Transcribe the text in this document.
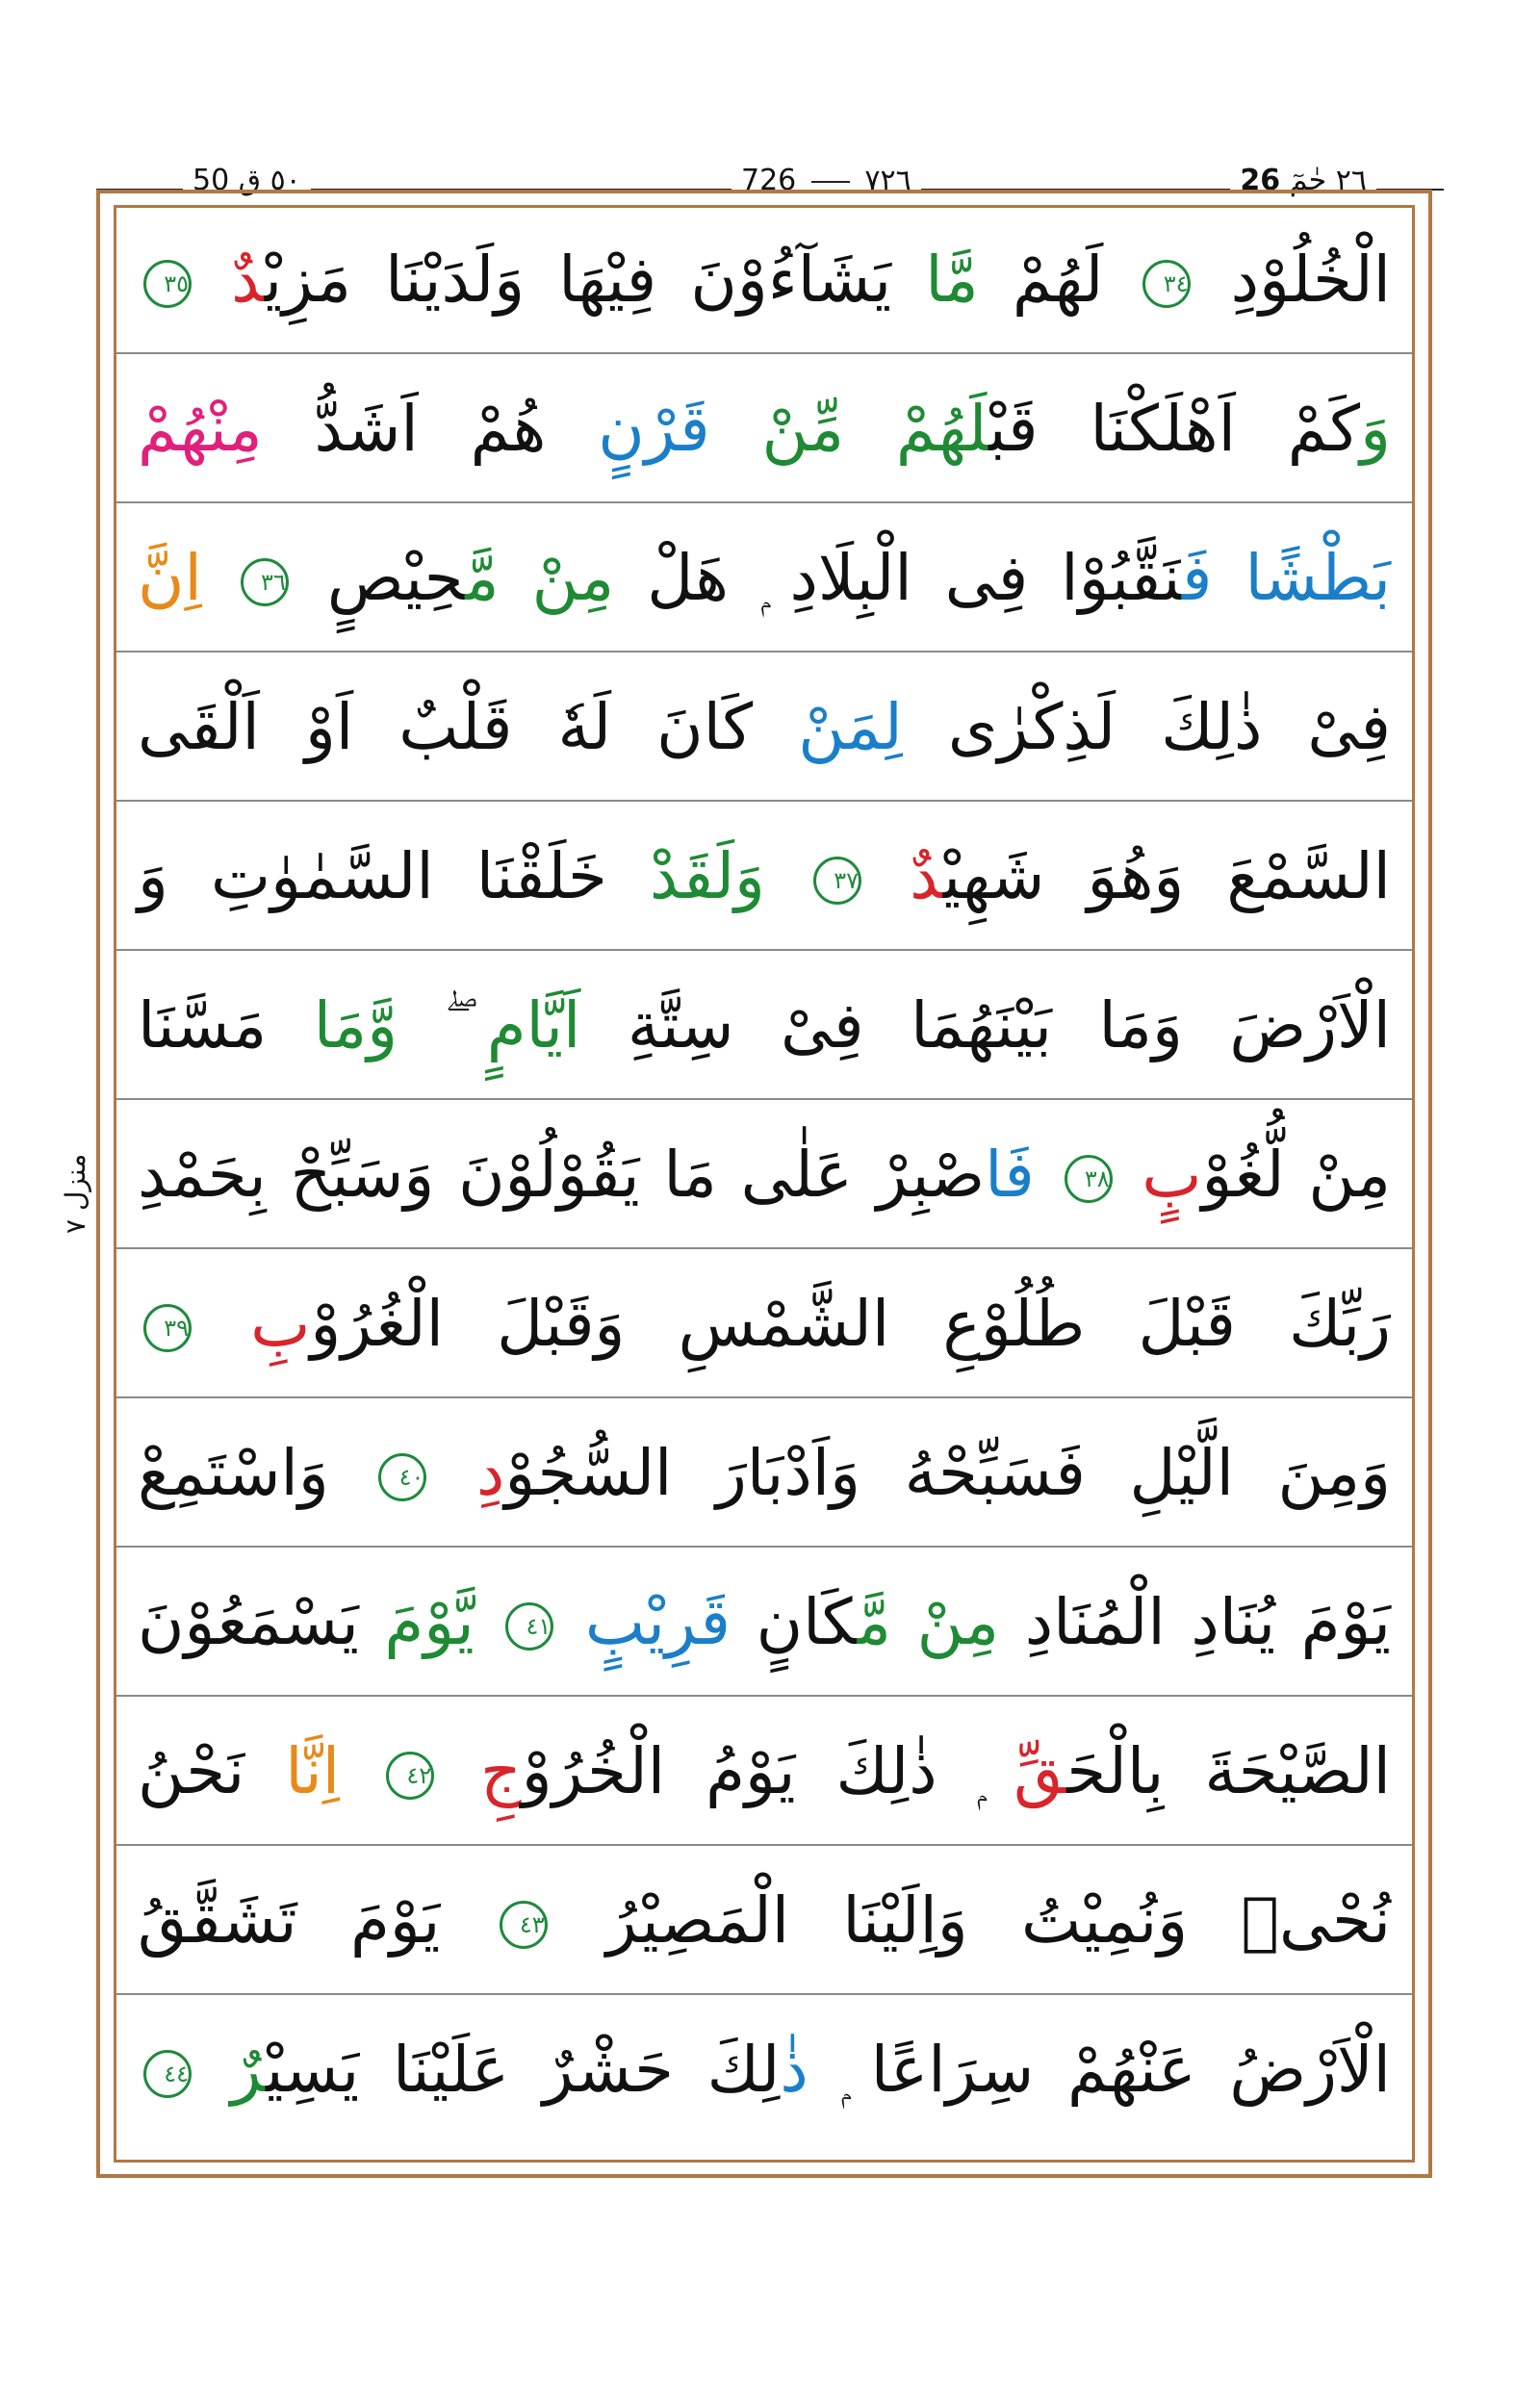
٢٦ حٰمٓ 26
٧٢٦  726
٥٠ ق 50
منزل ٧
الْخُلُوْدِ ٣٤ لَهُمْ مَّا يَشَآءُوْنَ فِيْهَا وَلَدَيْنَا مَزِيْدٌ ٣٥
وَكَمْ اَهْلَكْنَا قَبْلَهُمْ مِّنْ قَرْنٍ هُمْ اَشَدُّ مِنْهُمْ
بَطْشًا فَنَقَّبُوْا فِى الْبِلَادِ ۭ هَلْ مِنْ مَّحِيْصٍ ٣٦ اِنَّ
فِىْ ذٰلِكَ لَذِكْرٰى لِمَنْ كَانَ لَهٗ قَلْبٌ اَوْ اَلْقَى
السَّمْعَ وَهُوَ شَهِيْدٌ ٣٧ وَلَقَدْ خَلَقْنَا السَّمٰوٰتِ وَ
الْاَرْضَ وَمَا بَيْنَهُمَا فِىْ سِتَّةِ اَيَّامٍ ۖ وَّمَا مَسَّنَا
مِنْ لُّغُوْبٍ ٣٨ فَاصْبِرْ عَلٰى مَا يَقُوْلُوْنَ وَسَبِّحْ بِحَمْدِ
رَبِّكَ قَبْلَ طُلُوْعِ الشَّمْسِ وَقَبْلَ الْغُرُوْبِ ٣٩
وَمِنَ الَّيْلِ فَسَبِّحْهُ وَاَدْبَارَ السُّجُوْدِ ٤٠ وَاسْتَمِعْ
يَوْمَ يُنَادِ الْمُنَادِ مِنْ مَّكَانٍ قَرِيْبٍ ٤١ يَّوْمَ يَسْمَعُوْنَ
الصَّيْحَةَ بِالْحَقِّ ۭ ذٰلِكَ يَوْمُ الْخُرُوْجِ ٤٢ اِنَّا نَحْنُ
نُحْىٖ وَنُمِيْتُ وَاِلَيْنَا الْمَصِيْرُ ٤٣ يَوْمَ تَشَقَّقُ
الْاَرْضُ عَنْهُمْ سِرَاعًا ۭ ذٰلِكَ حَشْرٌ عَلَيْنَا يَسِيْرٌ ٤٤
